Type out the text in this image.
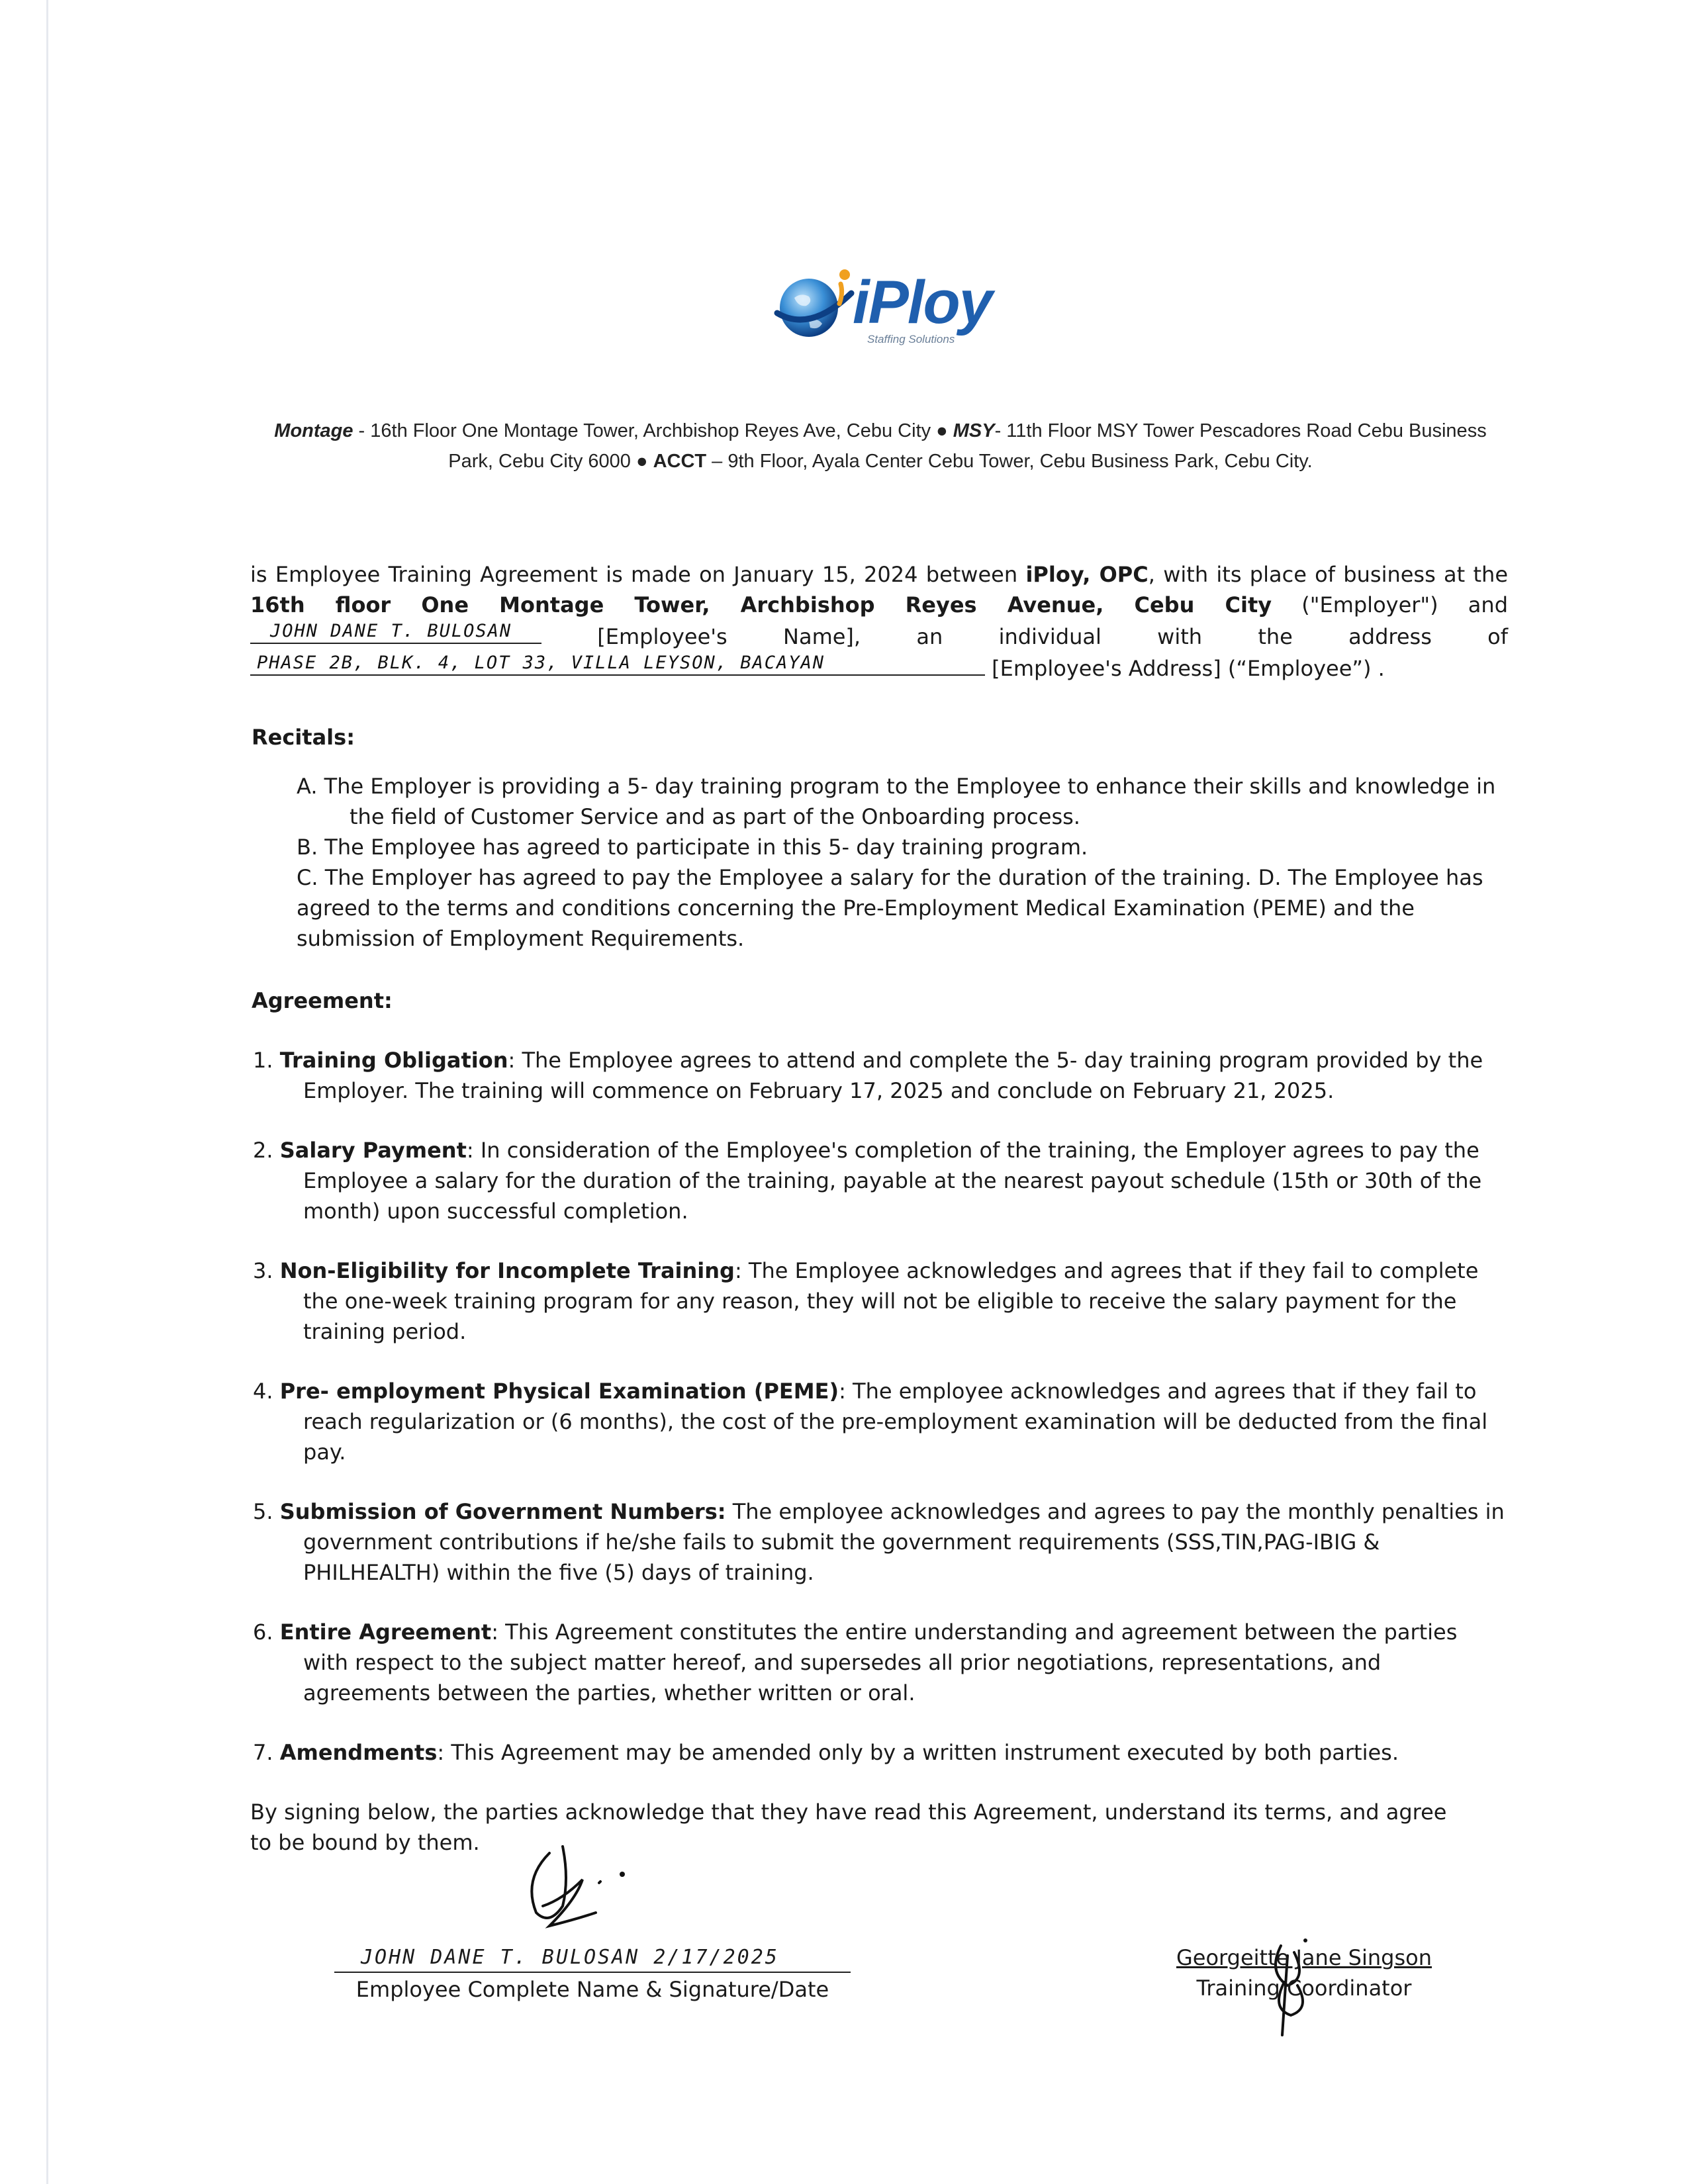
iPloy
Staffing Solutions
Montage - 16th Floor One Montage Tower, Archbishop Reyes Ave, Cebu City ● MSY- 11th Floor MSY Tower Pescadores Road Cebu Business Park, Cebu City 6000 ● ACCT – 9th Floor, Ayala Center Cebu Tower, Cebu Business Park, Cebu City.

is Employee Training Agreement is made on January 15, 2024 between iPloy, OPC, with its place of business at the 16th floor One Montage Tower, Archbishop Reyes Avenue, Cebu City ("Employer") and
JOHN DANE T. BULOSAN [Employee's Name], an individual with the address of
PHASE 2B, BLK. 4, LOT 33, VILLA LEYSON, BACAYAN	[Employee's Address] (“Employee”) .

Recitals:

A. The Employer is providing a 5- day training program to the Employee to enhance their skills and knowledge in the field of Customer Service and as part of the Onboarding process.

B. The Employee has agreed to participate in this 5- day training program.

C. The Employer has agreed to pay the Employee a salary for the duration of the training. D. The Employee has agreed to the terms and conditions concerning the Pre-Employment Medical Examination (PEME) and the submission of Employment Requirements.

Agreement:
1. Training Obligation: The Employee agrees to attend and complete the 5- day training program provided by the Employer. The training will commence on February 17, 2025 and conclude on February 21, 2025.
2. Salary Payment: In consideration of the Employee's completion of the training, the Employer agrees to pay the Employee a salary for the duration of the training, payable at the nearest payout schedule (15th or 30th of the month) upon successful completion.
3. Non-Eligibility for Incomplete Training: The Employee acknowledges and agrees that if they fail to complete the one-week training program for any reason, they will not be eligible to receive the salary payment for the training period.
4. Pre- employment Physical Examination (PEME): The employee acknowledges and agrees that if they fail to reach regularization or (6 months), the cost of the pre-employment examination will be deducted from the final pay.
5. Submission of Government Numbers: The employee acknowledges and agrees to pay the monthly penalties in government contributions if he/she fails to submit the government requirements (SSS,TIN,PAG-IBIG & PHILHEALTH) within the five (5) days of training.
6. Entire Agreement: This Agreement constitutes the entire understanding and agreement between the parties with respect to the subject matter hereof, and supersedes all prior negotiations, representations, and agreements between the parties, whether written or oral.
7. Amendments: This Agreement may be amended only by a written instrument executed by both parties.

By signing below, the parties acknowledge that they have read this Agreement, understand its terms, and agree to be bound by them.

JOHN DANE T. BULOSAN 2/17/2025
Employee Complete Name & Signature/Date
Georgeitte Jane Singson
Training Coordinator
